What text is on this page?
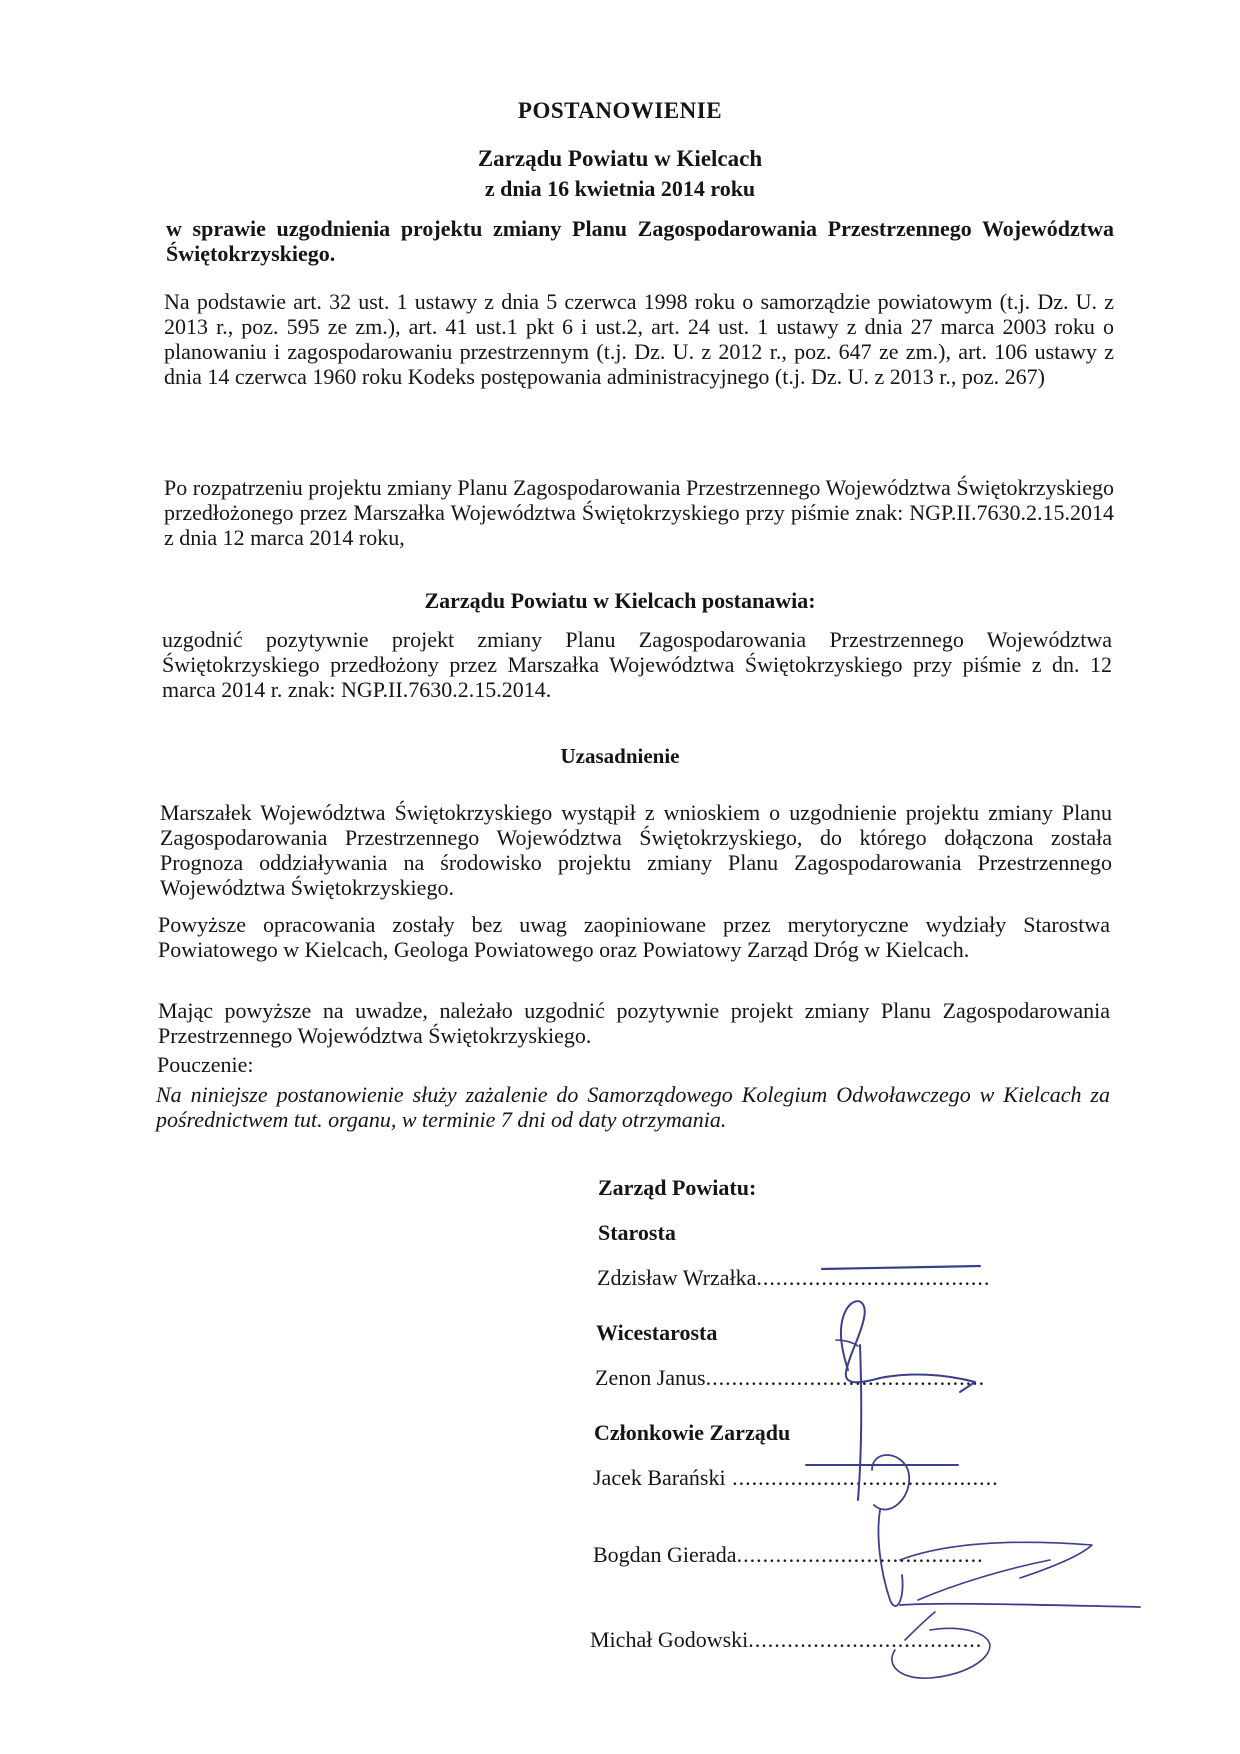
POSTANOWIENIE
Zarządu Powiatu w Kielcach
z dnia 16 kwietnia 2014 roku

w sprawie uzgodnienia projektu zmiany Planu Zagospodarowania Przestrzennego Województwa Świętokrzyskiego.

Na podstawie art. 32 ust. 1 ustawy z dnia 5 czerwca 1998 roku o samorządzie powiatowym (t.j. Dz. U. z 2013 r., poz. 595 ze zm.), art. 41 ust.1 pkt 6 i ust.2, art. 24 ust. 1 ustawy z dnia 27 marca 2003 roku o planowaniu i zagospodarowaniu przestrzennym (t.j. Dz. U. z 2012 r., poz. 647 ze zm.), art. 106 ustawy z dnia 14 czerwca 1960 roku Kodeks postępowania administracyjnego (t.j. Dz. U. z 2013 r., poz. 267)

Po rozpatrzeniu projektu zmiany Planu Zagospodarowania Przestrzennego Województwa Świętokrzyskiego przedłożonego przez Marszałka Województwa Świętokrzyskiego przy piśmie znak: NGP.II.7630.2.15.2014 z dnia 12 marca 2014 roku,

Zarządu Powiatu w Kielcach postanawia:

uzgodnić pozytywnie projekt zmiany Planu Zagospodarowania Przestrzennego Województwa Świętokrzyskiego przedłożony przez Marszałka Województwa Świętokrzyskiego przy piśmie z dn. 12 marca 2014 r. znak: NGP.II.7630.2.15.2014.

Uzasadnienie

Marszałek Województwa Świętokrzyskiego wystąpił z wnioskiem o uzgodnienie projektu zmiany Planu Zagospodarowania Przestrzennego Województwa Świętokrzyskiego, do którego dołączona została Prognoza oddziaływania na środowisko projektu zmiany Planu Zagospodarowania Przestrzennego Województwa Świętokrzyskiego.

Powyższe opracowania zostały bez uwag zaopiniowane przez merytoryczne wydziały Starostwa Powiatowego w Kielcach, Geologa Powiatowego oraz Powiatowy Zarząd Dróg w Kielcach.

Mając powyższe na uwadze, należało uzgodnić pozytywnie projekt zmiany Planu Zagospodarowania Przestrzennego Województwa Świętokrzyskiego.

Pouczenie:

Na niniejsze postanowienie służy zażalenie do Samorządowego Kolegium Odwoławczego w Kielcach za pośrednictwem tut. organu, w terminie 7 dni od daty otrzymania.

Zarząd Powiatu:
Starosta
Zdzisław Wrzałka....................................
Wicestarosta
Zenon Janus...........................................
Członkowie Zarządu
Jacek Barański .........................................
Bogdan Gierada......................................
Michał Godowski....................................
